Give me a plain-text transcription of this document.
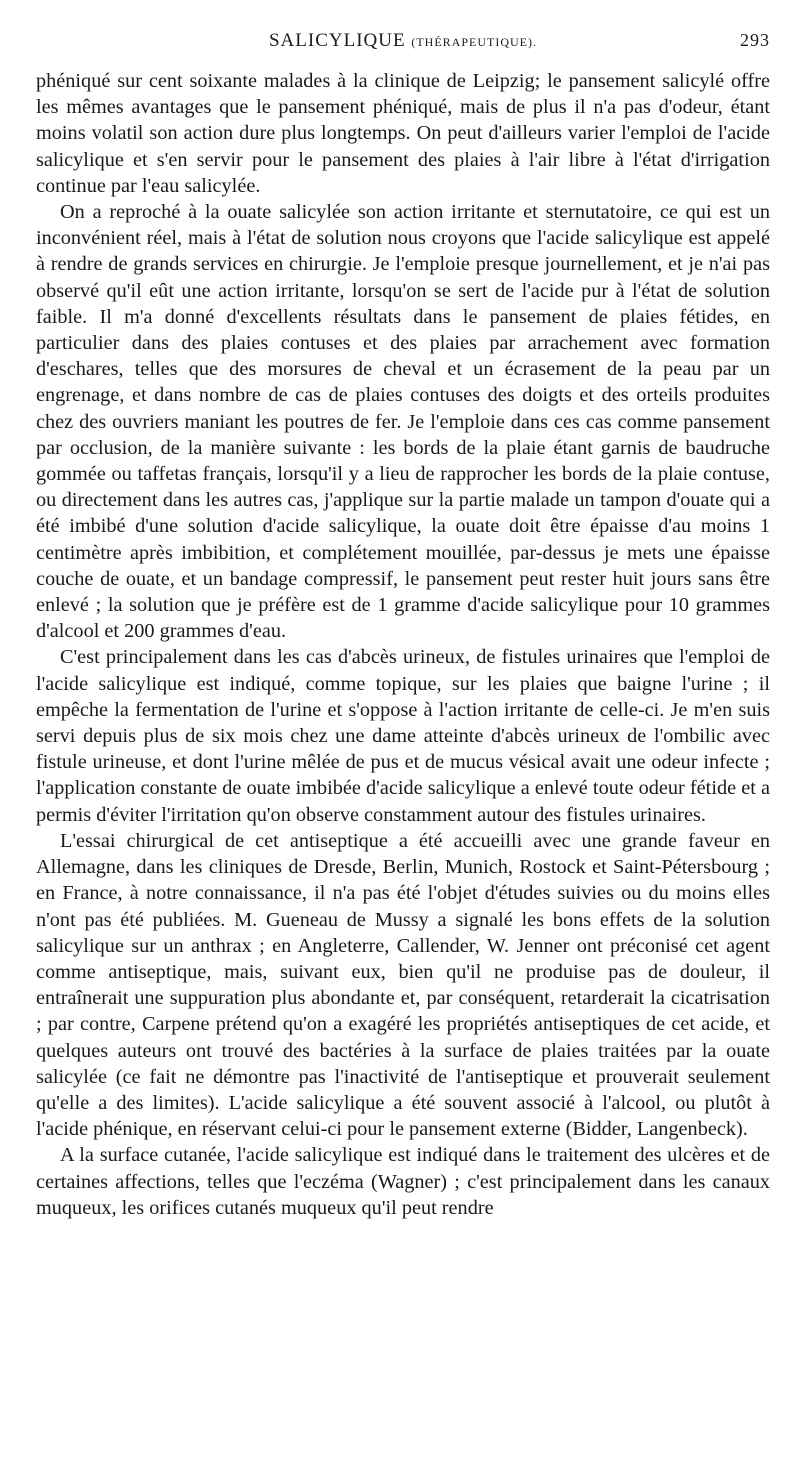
SALICYLIQUE (THÉRAPEUTIQUE).	293

phéniqué sur cent soixante malades à la clinique de Leipzig; le pansement salicylé offre les mêmes avantages que le pansement phéniqué, mais de plus il n'a pas d'odeur, étant moins volatil son action dure plus longtemps. On peut d'ailleurs varier l'emploi de l'acide salicylique et s'en servir pour le pansement des plaies à l'air libre à l'état d'irrigation continue par l'eau salicylée.

On a reproché à la ouate salicylée son action irritante et sternutatoire, ce qui est un inconvénient réel, mais à l'état de solution nous croyons que l'acide salicylique est appelé à rendre de grands services en chirurgie. Je l'emploie presque journellement, et je n'ai pas observé qu'il eût une action irritante, lorsqu'on se sert de l'acide pur à l'état de solution faible. Il m'a donné d'excellents résultats dans le pansement de plaies fétides, en particulier dans des plaies contuses et des plaies par arrachement avec formation d'eschares, telles que des morsures de cheval et un écrasement de la peau par un engrenage, et dans nombre de cas de plaies contuses des doigts et des orteils produites chez des ouvriers maniant les poutres de fer. Je l'emploie dans ces cas comme pansement par occlusion, de la manière suivante : les bords de la plaie étant garnis de baudruche gommée ou taffetas français, lorsqu'il y a lieu de rapprocher les bords de la plaie contuse, ou directement dans les autres cas, j'applique sur la partie malade un tampon d'ouate qui a été imbibé d'une solution d'acide salicylique, la ouate doit être épaisse d'au moins 1 centimètre après imbibition, et complétement mouillée, par-dessus je mets une épaisse couche de ouate, et un bandage compressif, le pansement peut rester huit jours sans être enlevé ; la solution que je préfère est de 1 gramme d'acide salicylique pour 10 grammes d'alcool et 200 grammes d'eau.

C'est principalement dans les cas d'abcès urineux, de fistules urinaires que l'emploi de l'acide salicylique est indiqué, comme topique, sur les plaies que baigne l'urine ; il empêche la fermentation de l'urine et s'oppose à l'action irritante de celle-ci. Je m'en suis servi depuis plus de six mois chez une dame atteinte d'abcès urineux de l'ombilic avec fistule urineuse, et dont l'urine mêlée de pus et de mucus vésical avait une odeur infecte ; l'application constante de ouate imbibée d'acide salicylique a enlevé toute odeur fétide et a permis d'éviter l'irritation qu'on observe constamment autour des fistules urinaires.

L'essai chirurgical de cet antiseptique a été accueilli avec une grande faveur en Allemagne, dans les cliniques de Dresde, Berlin, Munich, Rostock et Saint-Pétersbourg ; en France, à notre connaissance, il n'a pas été l'objet d'études suivies ou du moins elles n'ont pas été publiées. M. Gueneau de Mussy a signalé les bons effets de la solution salicylique sur un anthrax ; en Angleterre, Callender, W. Jenner ont préconisé cet agent comme antiseptique, mais, suivant eux, bien qu'il ne produise pas de douleur, il entraînerait une suppuration plus abondante et, par conséquent, retarderait la cicatrisation ; par contre, Carpene prétend qu'on a exagéré les propriétés antiseptiques de cet acide, et quelques auteurs ont trouvé des bactéries à la surface de plaies traitées par la ouate salicylée (ce fait ne démontre pas l'inactivité de l'antiseptique et prouverait seulement qu'elle a des limites). L'acide salicylique a été souvent associé à l'alcool, ou plutôt à l'acide phénique, en réservant celui-ci pour le pansement externe (Bidder, Langenbeck).

A la surface cutanée, l'acide salicylique est indiqué dans le traitement des ulcères et de certaines affections, telles que l'eczéma (Wagner) ; c'est principalement dans les canaux muqueux, les orifices cutanés muqueux qu'il peut rendre
